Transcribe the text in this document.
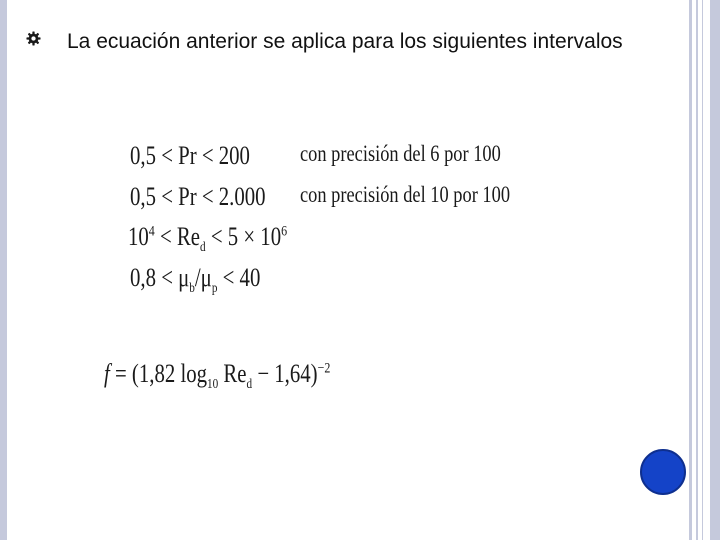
La ecuación anterior se aplica para los siguientes intervalos
0,5 < Pr < 200 con precisión del 6 por 100
0,5 < Pr < 2.000 con precisión del 10 por 100
$10^4 < Re_d < 5 \times 10^6$
$0,8 < \mu_b/\mu_p < 40$
f = (1,82 $\log_{10} Re_d - 1,64)^{-2}$
